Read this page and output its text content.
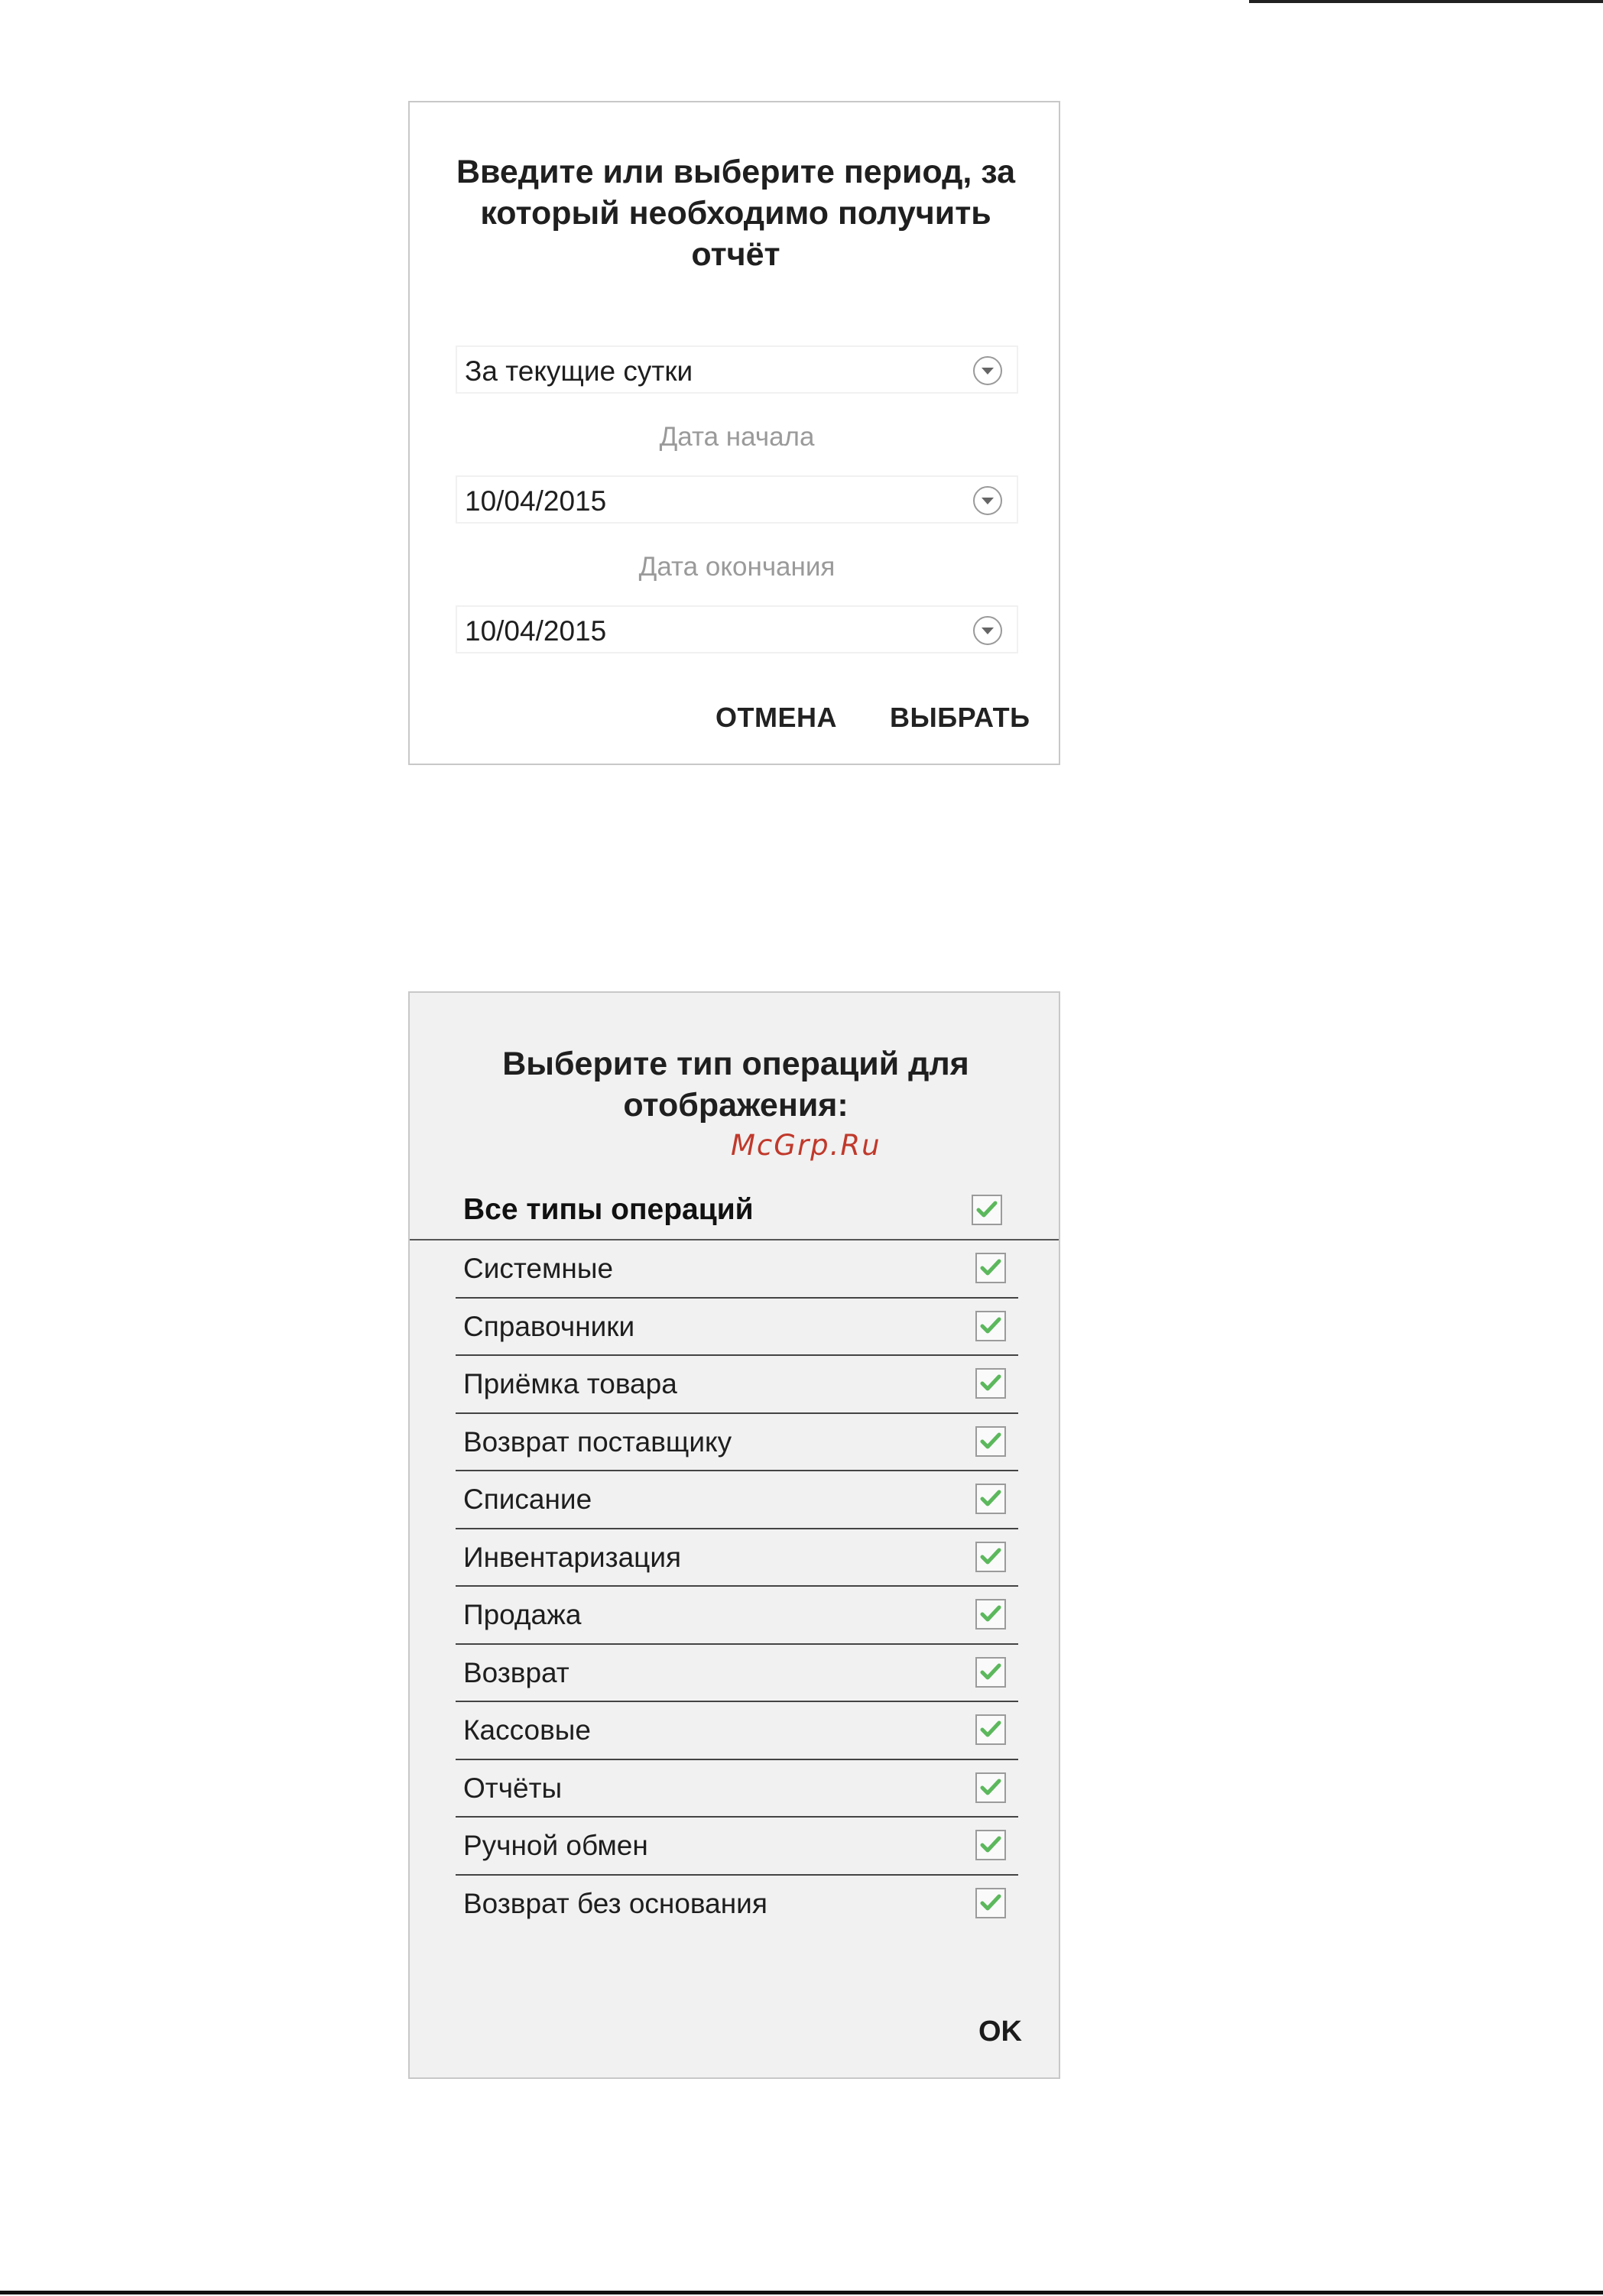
Введите или выберите период, за который необходимо получить отчёт
За текущие сутки
Дата начала
10/04/2015
Дата окончания
10/04/2015
ОТМЕНА ВЫБРАТЬ
Выберите тип операций для отображения:
McGrp.Ru
Все типы операций
Системные
Справочники
Приёмка товара
Возврат поставщику
Списание
Инвентаризация
Продажа
Возврат
Кассовые
Отчёты
Ручной обмен
Возврат без основания
OK
